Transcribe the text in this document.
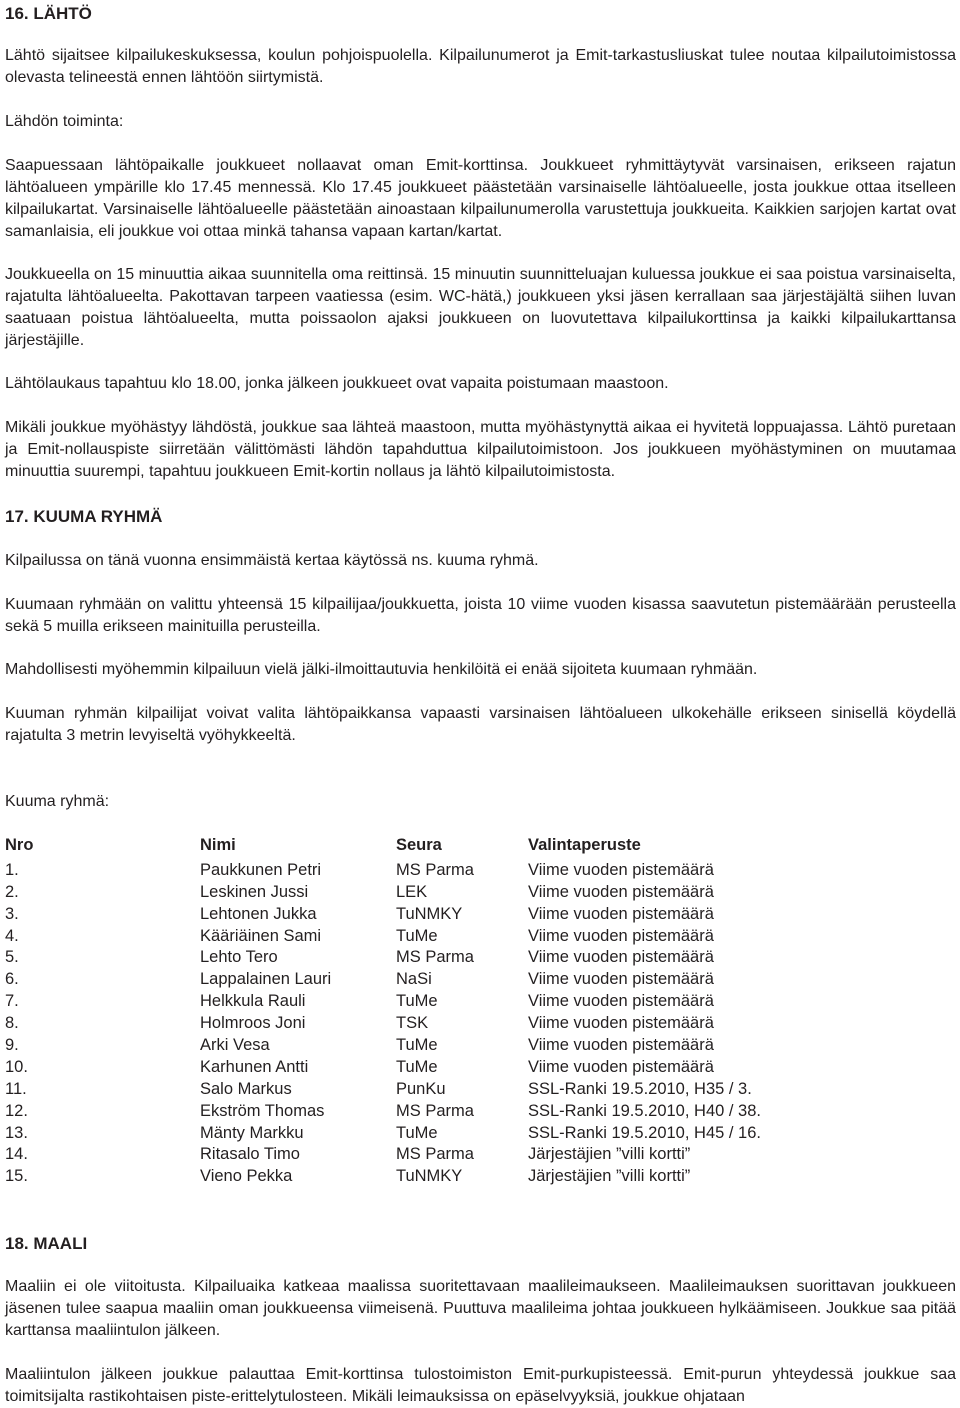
16. LÄHTÖ

Lähtö sijaitsee kilpailukeskuksessa, koulun pohjoispuolella. Kilpailunumerot ja Emit-tarkastusliuskat tulee noutaa kilpailutoimistossa olevasta telineestä ennen lähtöön siirtymistä.

Lähdön toiminta:

Saapuessaan lähtöpaikalle joukkueet nollaavat oman Emit-korttinsa. Joukkueet ryhmittäytyvät varsinaisen, erikseen rajatun lähtöalueen ympärille klo 17.45 mennessä. Klo 17.45 joukkueet päästetään varsinaiselle lähtöalueelle, josta joukkue ottaa itselleen kilpailukartat. Varsinaiselle lähtöalueelle päästetään ainoastaan kilpailunumerolla varustettuja joukkueita. Kaikkien sarjojen kartat ovat samanlaisia, eli joukkue voi ottaa minkä tahansa vapaan kartan/kartat.

Joukkueella on 15 minuuttia aikaa suunnitella oma reittinsä. 15 minuutin suunnitteluajan kuluessa joukkue ei saa poistua varsinaiselta, rajatulta lähtöalueelta. Pakottavan tarpeen vaatiessa (esim. WC-hätä,) joukkueen yksi jäsen kerrallaan saa järjestäjältä siihen luvan saatuaan poistua lähtöalueelta, mutta poissaolon ajaksi joukkueen on luovutettava kilpailukorttinsa ja kaikki kilpailukarttansa järjestäjille.

Lähtölaukaus tapahtuu klo 18.00, jonka jälkeen joukkueet ovat vapaita poistumaan maastoon.

Mikäli joukkue myöhästyy lähdöstä, joukkue saa lähteä maastoon, mutta myöhästynyttä aikaa ei hyvitetä loppuajassa. Lähtö puretaan ja Emit-nollauspiste siirretään välittömästi lähdön tapahduttua kilpailutoimistoon. Jos joukkueen myöhästyminen on muutamaa minuuttia suurempi, tapahtuu joukkueen Emit-kortin nollaus ja lähtö kilpailutoimistosta.

17. KUUMA RYHMÄ

Kilpailussa on tänä vuonna ensimmäistä kertaa käytössä ns. kuuma ryhmä.

Kuumaan ryhmään on valittu yhteensä 15 kilpailijaa/joukkuetta, joista 10 viime vuoden kisassa saavutetun pistemäärään perusteella sekä 5 muilla erikseen mainituilla perusteilla.

Mahdollisesti myöhemmin kilpailuun vielä jälki-ilmoittautuvia henkilöitä ei enää sijoiteta kuumaan ryhmään.

Kuuman ryhmän kilpailijat voivat valita lähtöpaikkansa vapaasti varsinaisen lähtöalueen ulkokehälle erikseen sinisellä köydellä rajatulta 3 metrin levyiseltä vyöhykkeeltä.

Kuuma ryhmä:

Nro	Nimi	Seura	Valintaperuste
1.	Paukkunen Petri	MS Parma	Viime vuoden pistemäärä
2.	Leskinen Jussi	LEK	Viime vuoden pistemäärä
3.	Lehtonen Jukka	TuNMKY	Viime vuoden pistemäärä
4.	Kääriäinen Sami	TuMe	Viime vuoden pistemäärä
5.	Lehto Tero	MS Parma	Viime vuoden pistemäärä
6.	Lappalainen Lauri	NaSi	Viime vuoden pistemäärä
7.	Helkkula Rauli	TuMe	Viime vuoden pistemäärä
8.	Holmroos Joni	TSK	Viime vuoden pistemäärä
9.	Arki Vesa	TuMe	Viime vuoden pistemäärä
10.	Karhunen Antti	TuMe	Viime vuoden pistemäärä
11.	Salo Markus	PunKu	SSL-Ranki 19.5.2010, H35 / 3.
12.	Ekström Thomas	MS Parma	SSL-Ranki 19.5.2010, H40 / 38.
13.	Mänty Markku	TuMe	SSL-Ranki 19.5.2010, H45 / 16.
14.	Ritasalo Timo	MS Parma	Järjestäjien ”villi kortti”
15.	Vieno Pekka	TuNMKY	Järjestäjien ”villi kortti”
18. MAALI

Maaliin ei ole viitoitusta. Kilpailuaika katkeaa maalissa suoritettavaan maalileimaukseen. Maalileimauksen suorittavan joukkueen jäsenen tulee saapua maaliin oman joukkueensa viimeisenä. Puuttuva maalileima johtaa joukkueen hylkäämiseen. Joukkue saa pitää karttansa maaliintulon jälkeen.

Maaliintulon jälkeen joukkue palauttaa Emit-korttinsa tulostoimiston Emit-purkupisteessä. Emit-purun yhteydessä joukkue saa toimitsijalta rastikohtaisen piste-erittelytulosteen. Mikäli leimauksissa on epäselvyyksiä, joukkue ohjataan
